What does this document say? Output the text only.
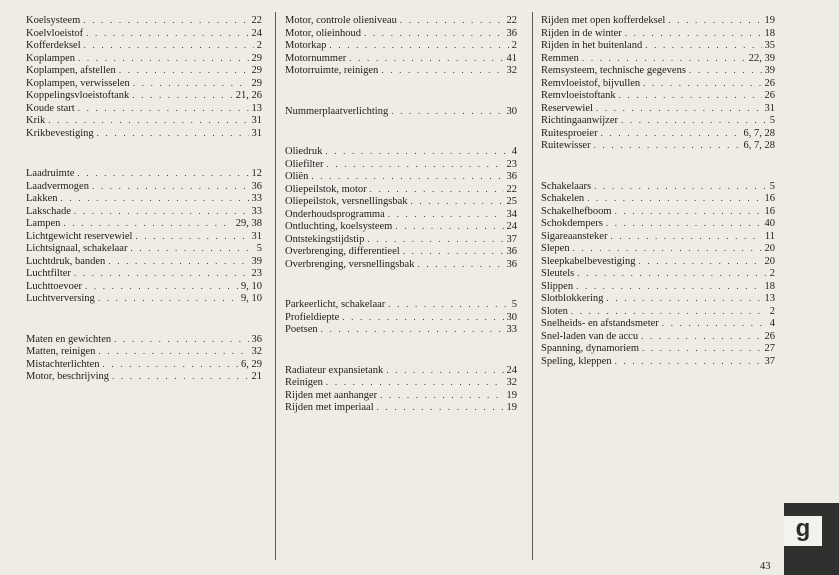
Koelsysteem . . .	22
Koelvloeistof . . .	24
Kofferdeksel . . .	2
Koplampen . . .	29
Koplampen, afstellen . . .	29
Koplampen, verwisselen . . .	29
Koppelingsvloeistoftank . . .	21, 26
Koude start . . .	13
Krik . . .	31
Krikbevestiging . . .	31
Laadruimte . . .	12
Laadvermogen . . .	36
Lakken . . .	33
Lakschade . . .	33
Lampen . . .	29, 38
Lichtgewicht reservewiel . . .	31
Lichtsignaal, schakelaar . . .	5
Luchtdruk, banden . . .	39
Luchtfilter . . .	23
Luchttoevoer . . .	9, 10
Luchtverversing . . .	9, 10
Maten en gewichten . . .	36
Matten, reinigen . . .	32
Mistachterlichten . . .	6, 29
Motor, beschrijving . . .	21
Motor, controle olieniveau . . .	22
Motor, olieinhoud . . .	36
Motorkap . . .	2
Motornummer . . .	41
Motorruimte, reinigen . . .	32
Nummerplaatverlichting . . .	30
Oliedruk . . .	4
Oliefilter . . .	23
Oliën . . .	36
Oliepeilstok, motor . . .	22
Oliepeilstok, versnellingsbak . . .	25
Onderhoudsprogramma . . .	34
Ontluchting, koelsysteem . . .	24
Ontstekingstijdstip . . .	37
Overbrenging, differentieel . . .	36
Overbrenging, versnellingsbak . . .	36
Parkeerlicht, schakelaar . . .	5
Profieldiepte . . .	30
Poetsen . . .	33
Radiateur expansietank . . .	24
Reinigen . . .	32
Rijden met aanhanger . . .	19
Rijden met imperiaal . . .	19
Rijden met open kofferdeksel . . .	19
Rijden in de winter . . .	18
Rijden in het buitenland . . .	35
Remmen . . .	22, 39
Remsysteem, technische gegevens . . .	39
Remvloeistof, bijvullen . . .	26
Remvloeistoftank . . .	26
Reservewiel . . .	31
Richtingaanwijzer . . .	5
Ruitesproeier . . .	6, 7, 28
Ruitewisser . . .	6, 7, 28
Schakelaars . . .	5
Schakelen . . .	16
Schakelhefboom . . .	16
Schokdempers . . .	40
Sigareaansteker . . .	11
Slepen . . .	20
Sleepkabelbevestiging . . .	20
Sleutels . . .	2
Slippen . . .	18
Slotblokkering . . .	13
Sloten . . .	2
Snelheids- en afstandsmeter . . .	4
Snel-laden van de accu . . .	26
Spanning, dynamoriem . . .	27
Speling, kleppen . . .	37
g
43
